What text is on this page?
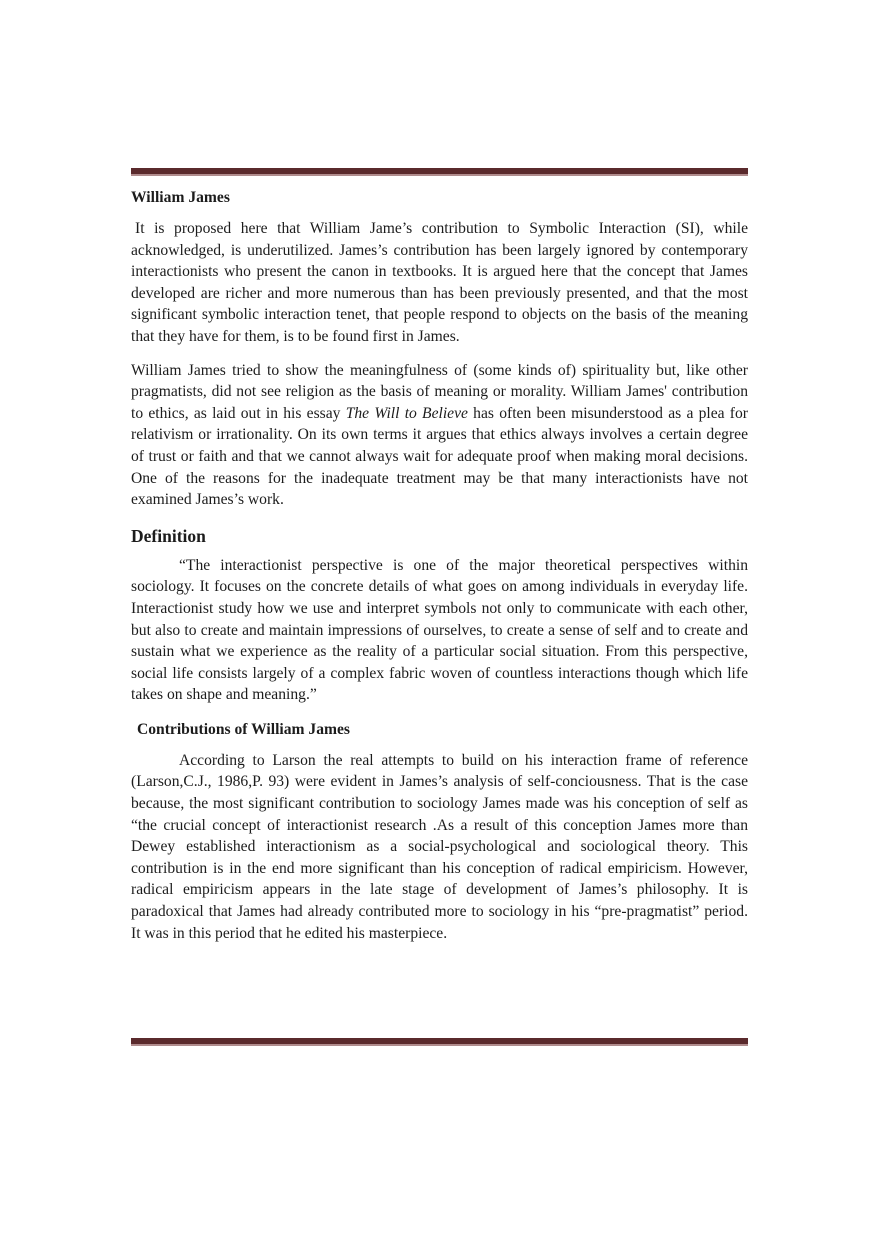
William James

It is proposed here that William Jame’s contribution to Symbolic Interaction (SI), while acknowledged, is underutilized. James’s contribution has been largely ignored by contemporary interactionists who present the canon in textbooks. It is argued here that the concept that James developed are richer and more numerous than has been previously presented, and that the most significant symbolic interaction tenet, that people respond to objects on the basis of the meaning that they have for them, is to be found first in James.

William James tried to show the meaningfulness of (some kinds of) spirituality but, like other pragmatists, did not see religion as the basis of meaning or morality. William James' contribution to ethics, as laid out in his essay The Will to Believe has often been misunderstood as a plea for relativism or irrationality. On its own terms it argues that ethics always involves a certain degree of trust or faith and that we cannot always wait for adequate proof when making moral decisions. One of the reasons for the inadequate treatment may be that many interactionists have not examined James’s work.

Definition

“The interactionist perspective is one of the major theoretical perspectives within sociology. It focuses on the concrete details of what goes on among individuals in everyday life. Interactionist study how we use and interpret symbols not only to communicate with each other, but also to create and maintain impressions of ourselves, to create a sense of self and to create and sustain what we experience as the reality of a particular social situation. From this perspective, social life consists largely of a complex fabric woven of countless interactions though which life takes on shape and meaning.”

Contributions of William James

According to Larson the real attempts to build on his interaction frame of reference (Larson,C.J., 1986,P. 93) were evident in James’s analysis of self-conciousness. That is the case because, the most significant contribution to sociology James made was his conception of self as “the crucial concept of interactionist research .As a result of this conception James more than Dewey established interactionism as a social-psychological and sociological theory. This contribution is in the end more significant than his conception of radical empiricism. However, radical empiricism appears in the late stage of development of James’s philosophy. It is paradoxical that James had already contributed more to sociology in his “pre-pragmatist” period. It was in this period that he edited his masterpiece.
